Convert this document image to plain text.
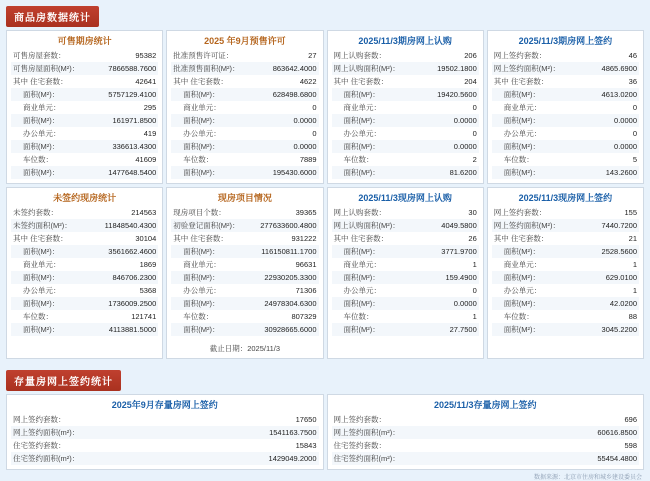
商品房数据统计
可售期房统计
可售房屋套数：	95382
可售房屋面积(M²)：	7866588.7600
其中 住宅套数：	42641
面积(M²)：	5757129.4100
商业单元：	295
面积(M²)：	161971.8500
办公单元：	419
面积(M²)：	336613.4300
车位数：	41609
面积(M²)：	1477648.5400
2025 年9月预售许可
批准预售许可证：	27
批准预售面积(M²)：	863642.4000
其中 住宅套数：	4622
面积(M²)：	628498.6800
商业单元：	0
面积(M²)：	0.0000
办公单元：	0
面积(M²)：	0.0000
车位数：	7889
面积(M²)：	195430.6000
2025/11/3期房网上认购
网上认购套数：	206
网上认购面积(M²)：	19502.1800
其中 住宅套数：	204
面积(M²)：	19420.5600
商业单元：	0
面积(M²)：	0.0000
办公单元：	0
面积(M²)：	0.0000
车位数：	2
面积(M²)：	81.6200
2025/11/3期房网上签约
网上签约套数：	46
网上签约面积(M²)：	4865.6900
其中 住宅套数：	36
面积(M²)：	4613.0200
商业单元：	0
面积(M²)：	0.0000
办公单元：	0
面积(M²)：	0.0000
车位数：	5
面积(M²)：	143.2600
未签约现房统计
未签约套数：	214563
未签约面积(M²)：	11848540.4300
其中 住宅套数：	30104
面积(M²)：	3561662.4600
商业单元：	1869
面积(M²)：	846706.2300
办公单元：	5368
面积(M²)：	1736009.2500
车位数：	121741
面积(M²)：	4113881.5000
现房项目情况
现房项目个数：	39365
初验登记面积(M²)：	277633600.4800
其中 住宅套数：	931222
面积(M²)：	116150811.1700
商业单元：	96631
面积(M²)：	22930205.3300
办公单元：	71306
面积(M²)：	24978304.6300
车位数：	807329
面积(M²)：	30928665.6000
截止日期：2025/11/3
2025/11/3现房网上认购
网上认购套数：	30
网上认购面积(M²)：	4049.5800
其中 住宅套数：	26
面积(M²)：	3771.9700
商业单元：	1
面积(M²)：	159.4900
办公单元：	0
面积(M²)：	0.0000
车位数：	1
面积(M²)：	27.7500
2025/11/3现房网上签约
网上签约套数：	155
网上签约面积(M²)：	7440.7200
其中 住宅套数：	21
面积(M²)：	2528.5600
商业单元：	1
面积(M²)：	629.0100
办公单元：	1
面积(M²)：	42.0200
车位数：	88
面积(M²)：	3045.2200
存量房网上签约统计
2025年9月存量房网上签约
网上签约套数：	17650
网上签约面积(m²)：	1541163.7500
住宅签约套数：	15843
住宅签约面积(m²)：	1429049.2000
2025/11/3存量房网上签约
网上签约套数：	696
网上签约面积(m²)：	60616.8500
住宅签约套数：	598
住宅签约面积(m²)：	55454.4800
数据来源：北京市住房和城乡建设委员会
